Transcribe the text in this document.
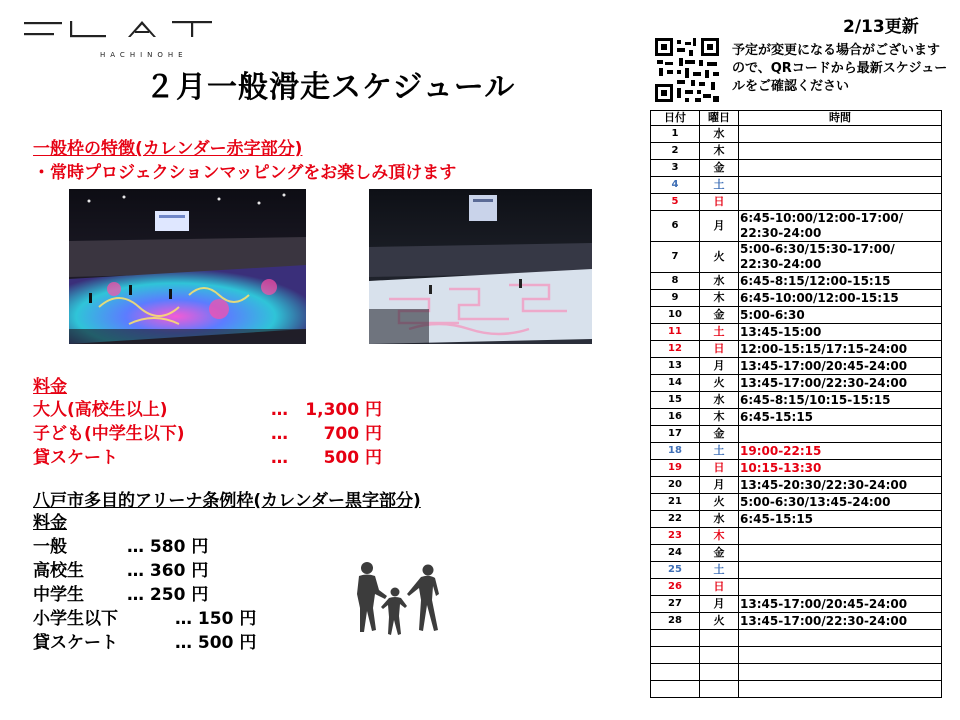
HACHINOHE
２月一般滑走スケジュール
一般枠の特徴(カレンダー赤字部分)
・常時プロジェクションマッピングをお楽しみ頂けます
料金
大人(高校生以上)	…	1,300 円
子ども(中学生以下)	…	700 円
貸スケート	…	500 円
八戸市多目的アリーナ条例枠(カレンダー黒字部分)
料金
一般	… 580 円
高校生	… 360 円
中学生	… 250 円
小学生以下	… 150 円
貸スケート	… 500 円
2/13更新
予定が変更になる場合がございますので、QRコードから最新スケジュールをご確認ください
日付	曜日	時間
1	水	
2	木	
3	金	
4	土	
5	日	
6	月	6:45-10:00/12:00-17:00/
22:30-24:00
7	火	5:00-6:30/15:30-17:00/
22:30-24:00
8	水	6:45-8:15/12:00-15:15
9	木	6:45-10:00/12:00-15:15
10	金	5:00-6:30
11	土	13:45-15:00
12	日	12:00-15:15/17:15-24:00
13	月	13:45-17:00/20:45-24:00
14	火	13:45-17:00/22:30-24:00
15	水	6:45-8:15/10:15-15:15
16	木	6:45-15:15
17	金	
18	土	19:00-22:15
19	日	10:15-13:30
20	月	13:45-20:30/22:30-24:00
21	火	5:00-6:30/13:45-24:00
22	水	6:45-15:15
23	木	
24	金	
25	土	
26	日	
27	月	13:45-17:00/20:45-24:00
28	火	13:45-17:00/22:30-24:00
